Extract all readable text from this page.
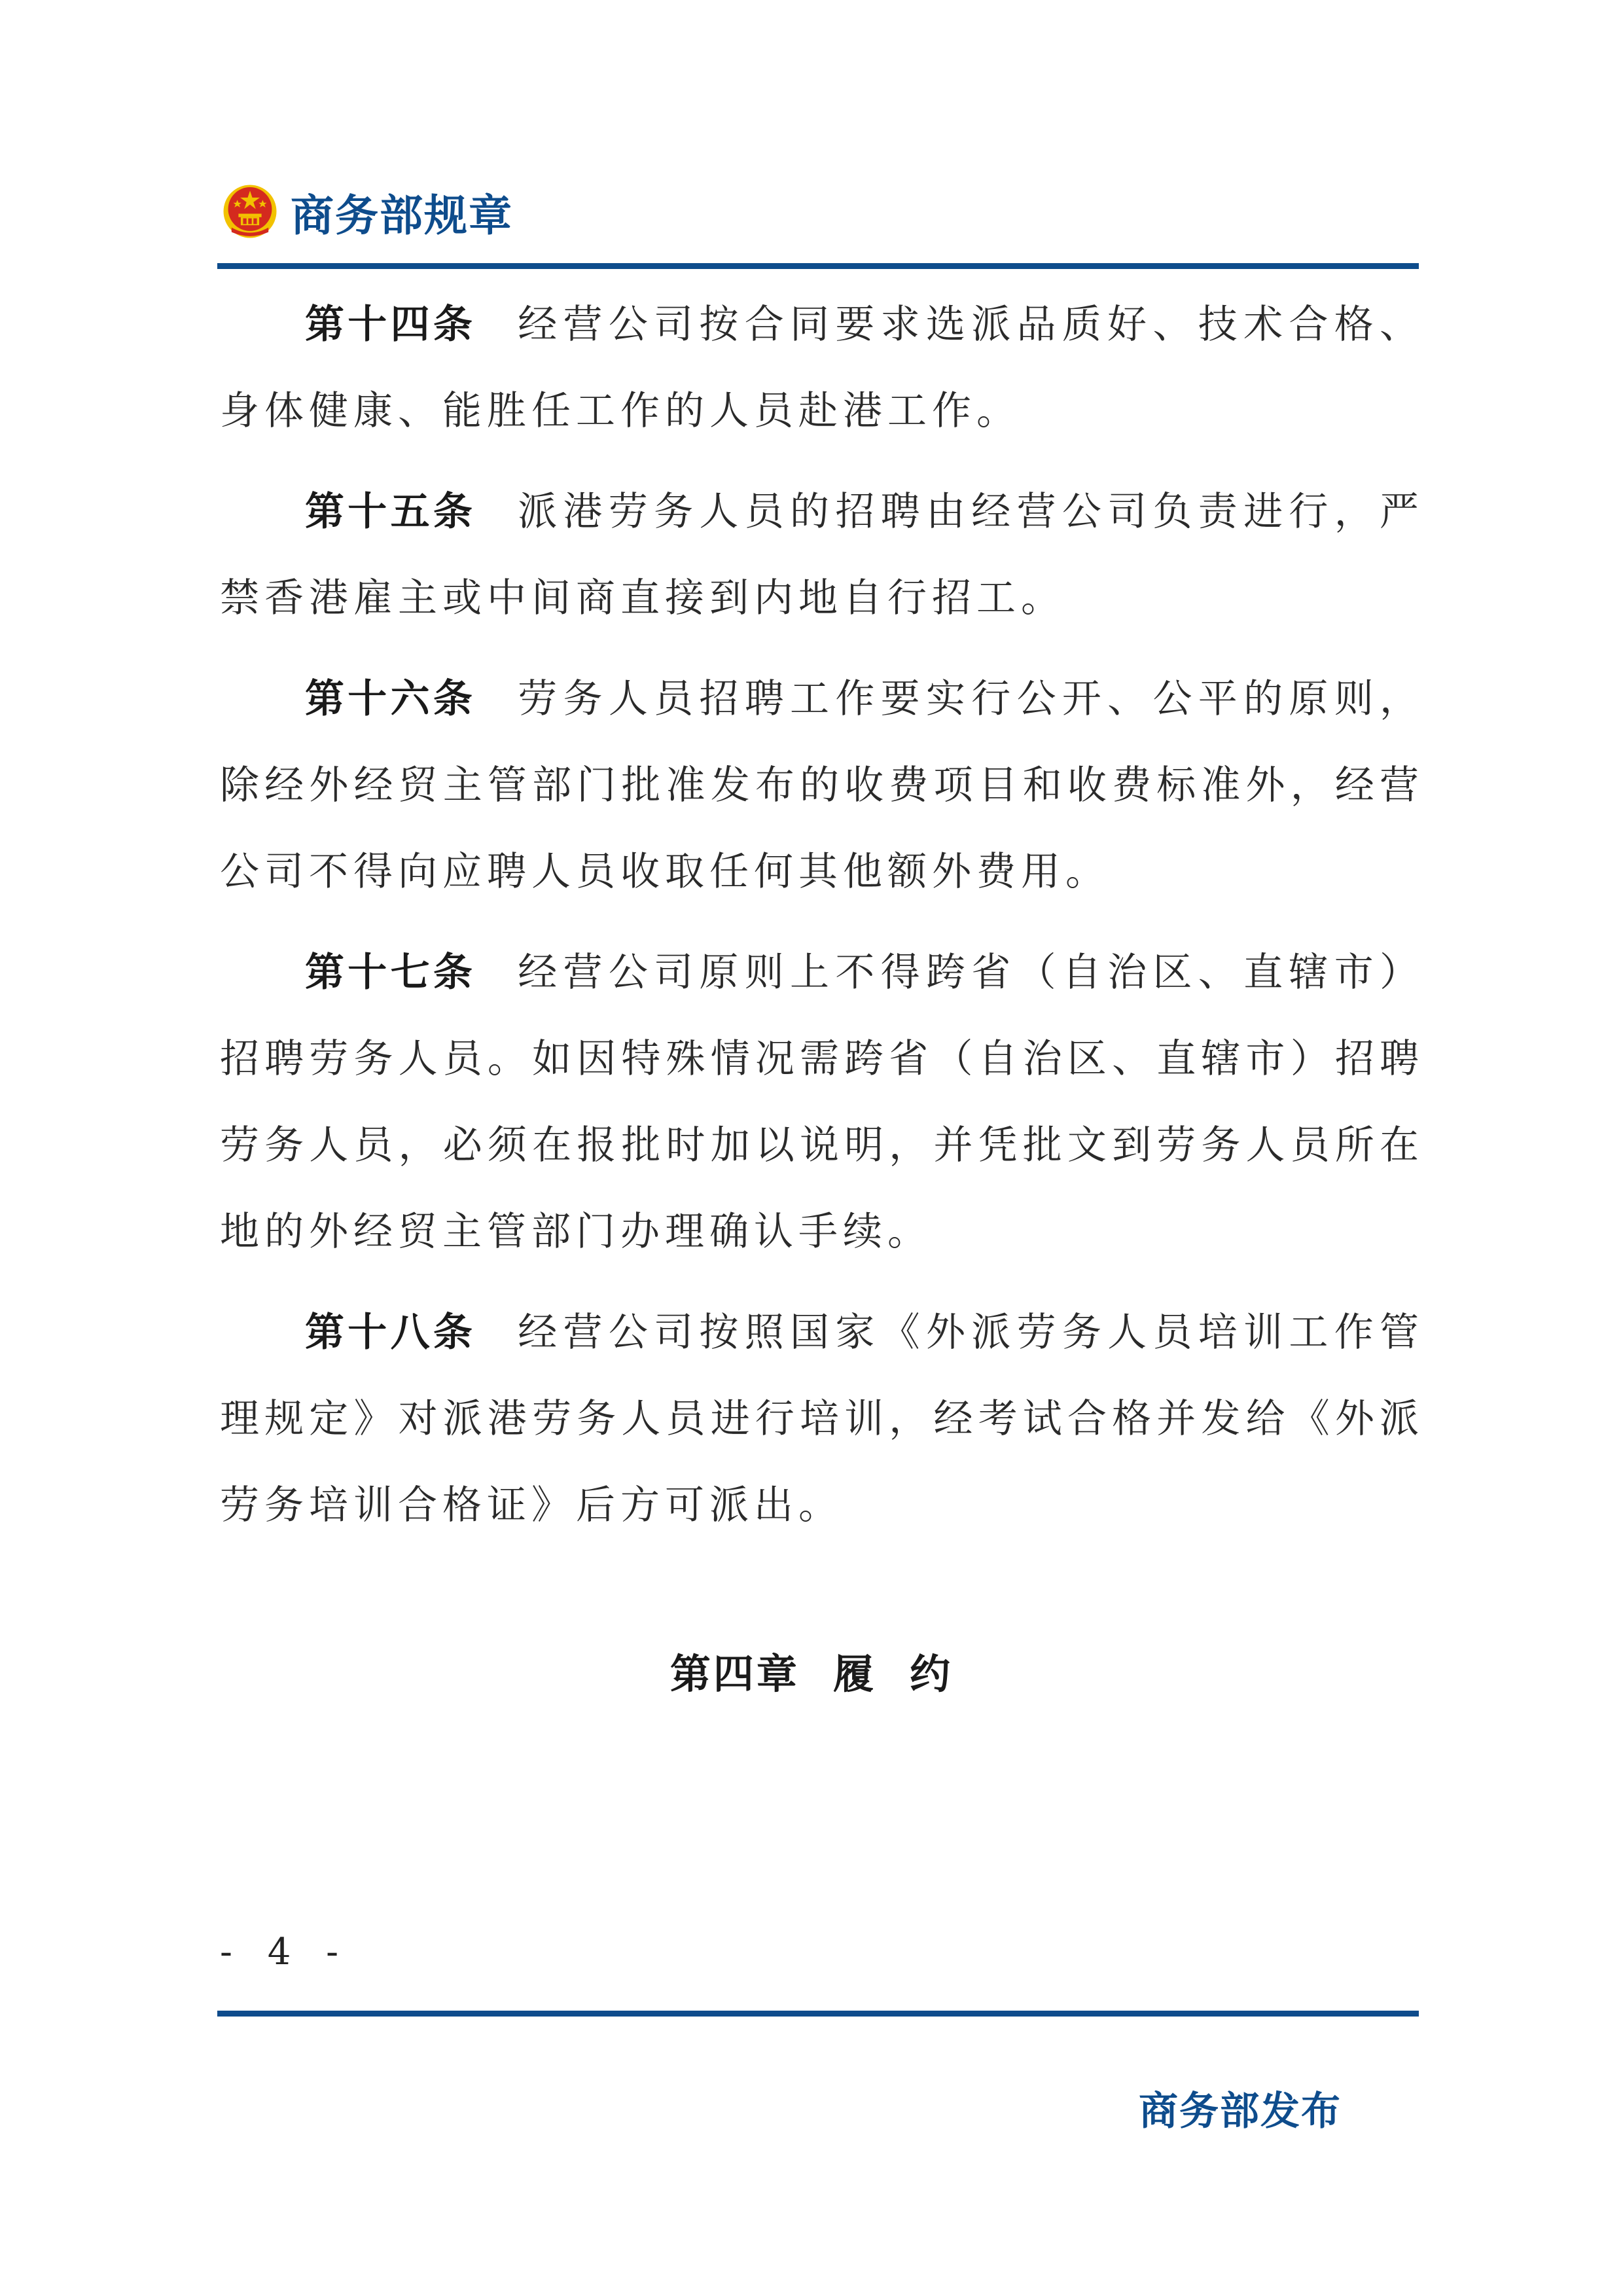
商务部规章

第十四条 经营公司按合同要求选派品质好、技术合格、身体健康、能胜任工作的人员赴港工作。

第十五条 派港劳务人员的招聘由经营公司负责进行，严禁香港雇主或中间商直接到内地自行招工。

第十六条 劳务人员招聘工作要实行公开、公平的原则，除经外经贸主管部门批准发布的收费项目和收费标准外，经营公司不得向应聘人员收取任何其他额外费用。

第十七条 经营公司原则上不得跨省（自治区、直辖市）招聘劳务人员。如因特殊情况需跨省（自治区、直辖市）招聘劳务人员，必须在报批时加以说明，并凭批文到劳务人员所在地的外经贸主管部门办理确认手续。

第十八条 经营公司按照国家《外派劳务人员培训工作管理规定》对派港劳务人员进行培训，经考试合格并发给《外派劳务培训合格证》后方可派出。

第四章  履  约
- 4 -
商务部发布
